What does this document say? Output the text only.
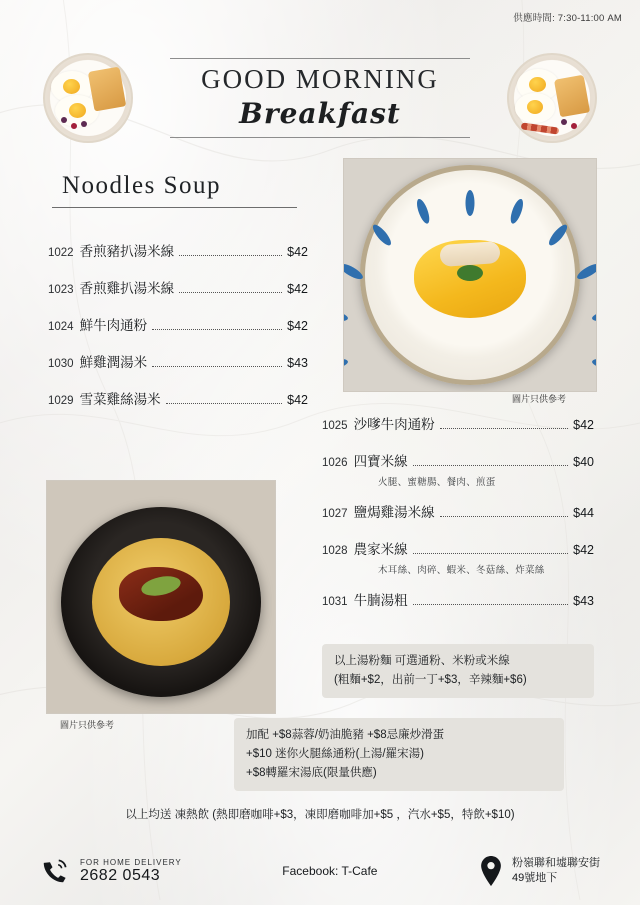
供應時間: 7:30-11:00 AM
GOOD MORNING
Breakfast
Noodles Soup
1022 香煎豬扒湯米線	$42
1023 香煎雞扒湯米線	$42
1024 鮮牛肉通粉	$42
1030 鮮雞潤湯米	$43
1029 雪菜雞絲湯米	$42
1025 沙嗲牛肉通粉	$42
1026 四寶米線	$40
火腿、蜜糖腸、餐肉、煎蛋
1027 鹽焗雞湯米線	$44
1028 農家米線	$42
木耳絲、肉碎、蝦米、冬菇絲、炸菜絲
1031 牛腩湯粗	$43
圖片只供參考
圖片只供參考
以上湯粉麵 可選通粉、米粉或米線
(粗麵+$2，出前一丁+$3，辛辣麵+$6)
加配 +$8蒜蓉/奶油脆豬 +$8忌廉炒滑蛋
+$10 迷你火腿絲通粉(上湯/羅宋湯)
+$8轉羅宋湯底(限量供應)
以上均送 凍熱飲 (熱即磨咖啡+$3，凍即磨咖啡加+$5 ，汽水+$5，特飲+$10)
FOR HOME DELIVERY
2682 0543	Facebook: T-Cafe
粉嶺聯和墟聯安街
49號地下
